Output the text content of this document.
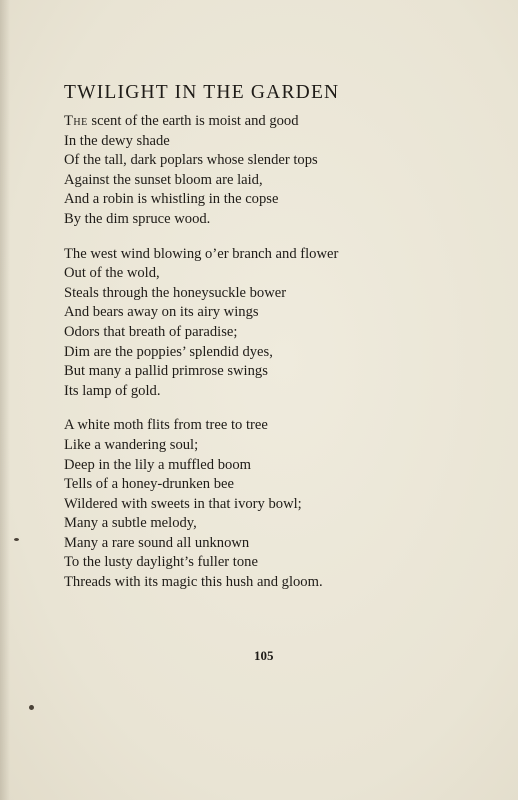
TWILIGHT IN THE GARDEN
The scent of the earth is moist and good
In the dewy shade
Of the tall, dark poplars whose slender tops
Against the sunset bloom are laid,
And a robin is whistling in the copse
By the dim spruce wood.
The west wind blowing o’er branch and flower
Out of the wold,
Steals through the honeysuckle bower
And bears away on its airy wings
Odors that breath of paradise;
Dim are the poppies’ splendid dyes,
But many a pallid primrose swings
Its lamp of gold.
A white moth flits from tree to tree
Like a wandering soul;
Deep in the lily a muffled boom
Tells of a honey-drunken bee
Wildered with sweets in that ivory bowl;
Many a subtle melody,
Many a rare sound all unknown
To the lusty daylight’s fuller tone
Threads with its magic this hush and gloom.
105
